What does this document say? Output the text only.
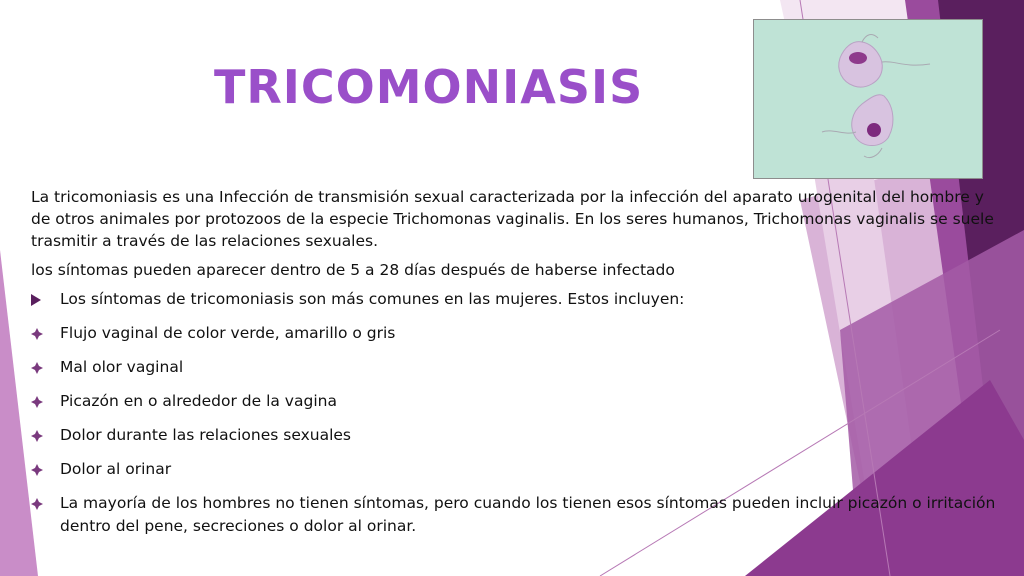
TRICOMONIASIS

La tricomoniasis es una Infección de transmisión sexual caracterizada por la infección del aparato urogenital del hombre y de otros animales por protozoos de la especie Trichomonas vaginalis. En los seres humanos, Trichomonas vaginalis se suele trasmitir a través de las relaciones sexuales.

los síntomas pueden aparecer dentro de 5 a 28 días después de haberse infectado

Los síntomas de tricomoniasis son más comunes en las mujeres. Estos incluyen:
Flujo vaginal de color verde, amarillo o gris
Mal olor vaginal
Picazón en o alrededor de la vagina
Dolor durante las relaciones sexuales
Dolor al orinar
La mayoría de los hombres no tienen síntomas, pero cuando los tienen esos síntomas pueden incluir picazón o irritación dentro del pene, secreciones o dolor al orinar.
